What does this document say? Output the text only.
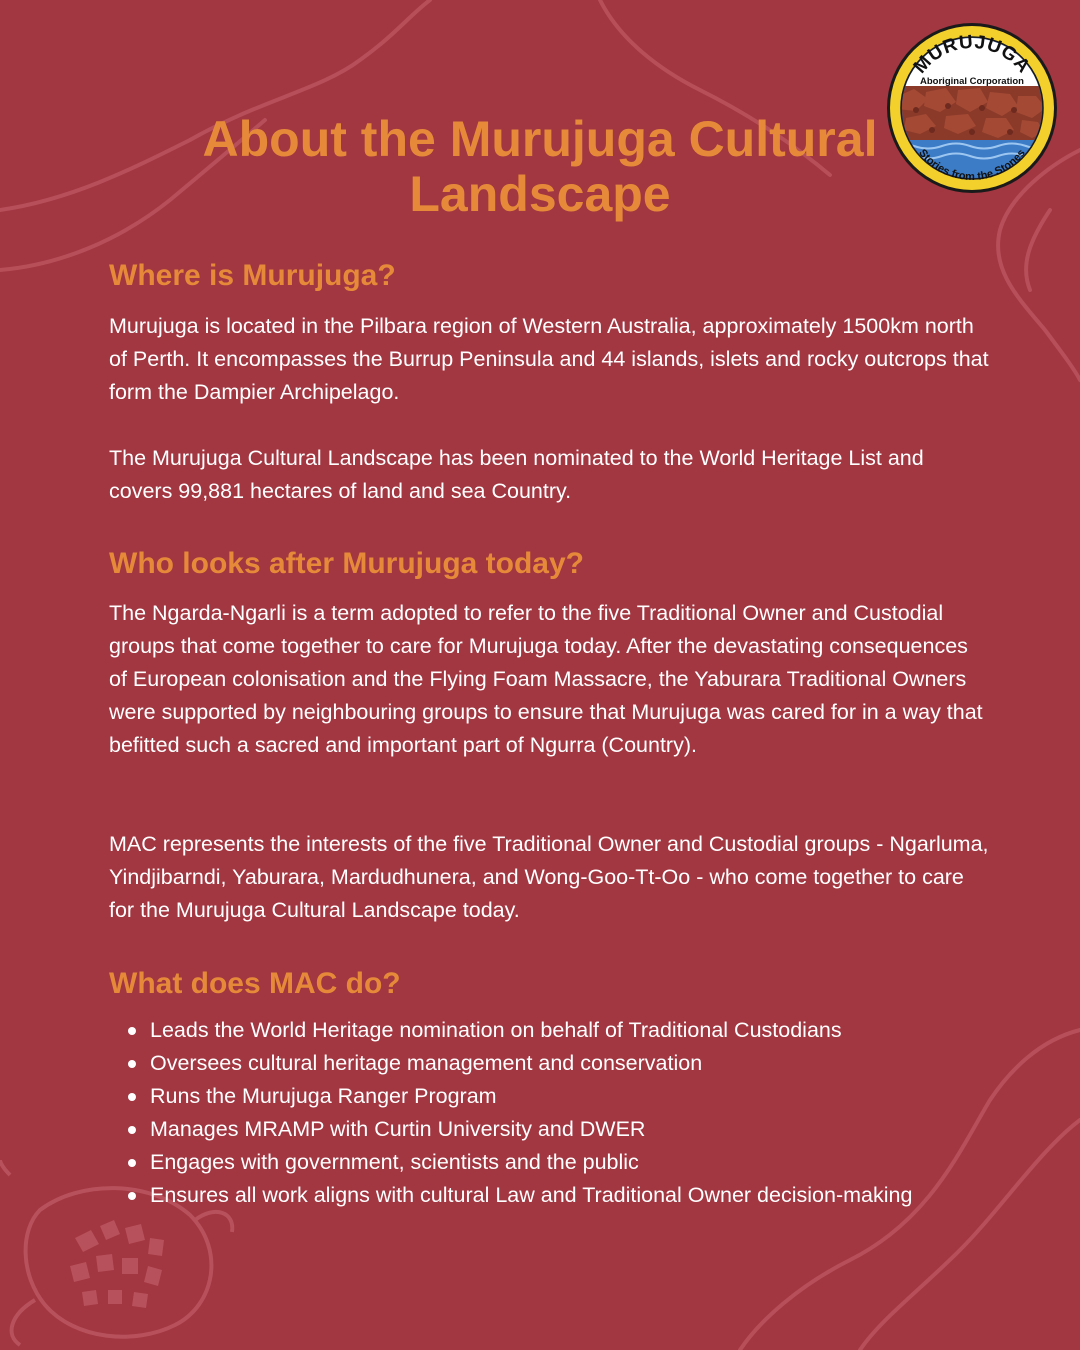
MURUJUGA
Aboriginal Corporation
Stories from the Stones
About the Murujuga Cultural Landscape
Where is Murujuga?

Murujuga is located in the Pilbara region of Western Australia, approximately 1500km north of Perth. It encompasses the Burrup Peninsula and 44 islands, islets and rocky outcrops that form the Dampier Archipelago.

The Murujuga Cultural Landscape has been nominated to the World Heritage List and covers 99,881 hectares of land and sea Country.

Who looks after Murujuga today?

The Ngarda-Ngarli is a term adopted to refer to the five Traditional Owner and Custodial groups that come together to care for Murujuga today. After the devastating consequences of European colonisation and the Flying Foam Massacre, the Yaburara Traditional Owners were supported by neighbouring groups to ensure that Murujuga was cared for in a way that befitted such a sacred and important part of Ngurra (Country).

MAC represents the interests of the five Traditional Owner and Custodial groups - Ngarluma, Yindjibarndi, Yaburara, Mardudhunera, and Wong-Goo-Tt-Oo - who come together to care for the Murujuga Cultural Landscape today.

What does MAC do?
Leads the World Heritage nomination on behalf of Traditional Custodians
Oversees cultural heritage management and conservation
Runs the Murujuga Ranger Program
Manages MRAMP with Curtin University and DWER
Engages with government, scientists and the public
Ensures all work aligns with cultural Law and Traditional Owner decision-making
